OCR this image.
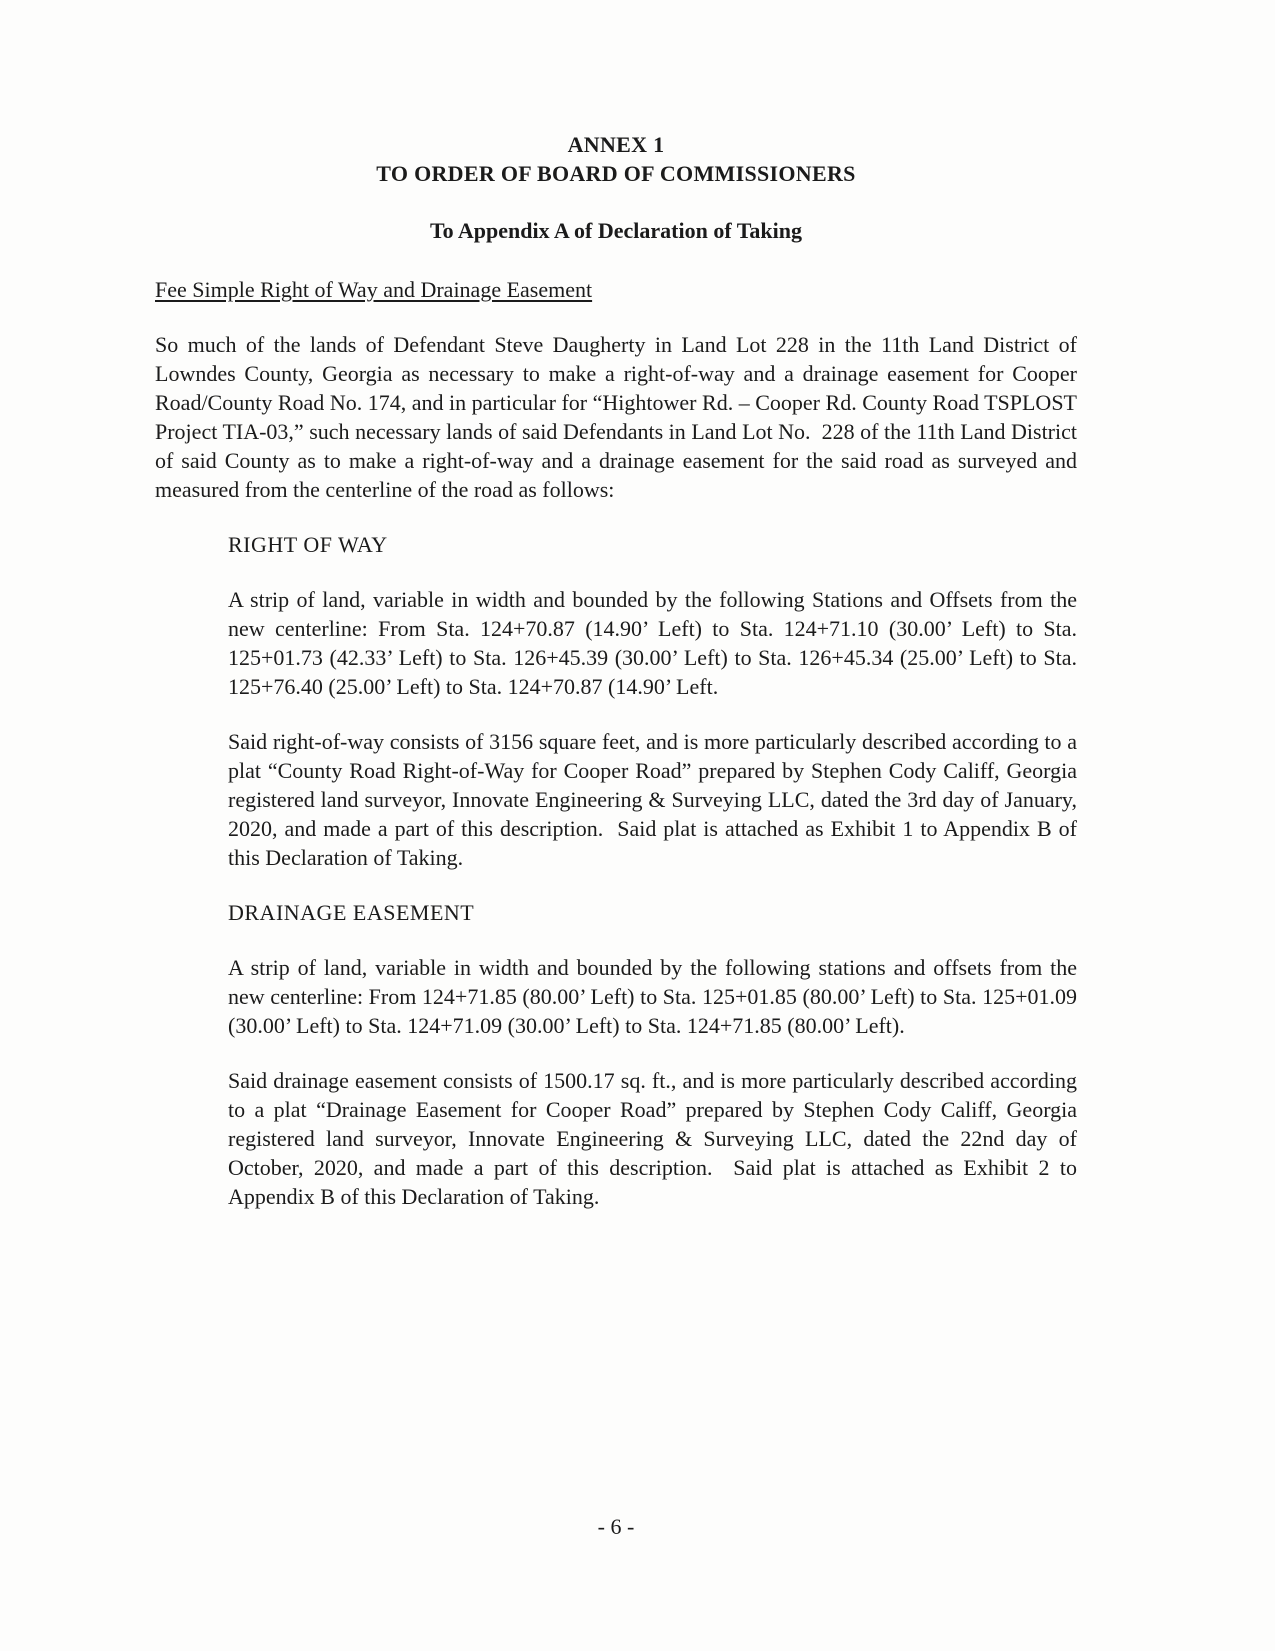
ANNEX 1
TO ORDER OF BOARD OF COMMISSIONERS
To Appendix A of Declaration of Taking
Fee Simple Right of Way and Drainage Easement

So much of the lands of Defendant Steve Daugherty in Land Lot 228 in the 11th Land District of Lowndes County, Georgia as necessary to make a right-of-way and a drainage easement for Cooper Road/County Road No. 174, and in particular for “Hightower Rd. – Cooper Rd. County Road TSPLOST Project TIA-03,” such necessary lands of said Defendants in Land Lot No.  228 of the 11th Land District of said County as to make a right-of-way and a drainage easement for the said road as surveyed and measured from the centerline of the road as follows:

RIGHT OF WAY

A strip of land, variable in width and bounded by the following Stations and Offsets from the new centerline: From Sta. 124+70.87 (14.90’ Left) to Sta. 124+71.10 (30.00’ Left) to Sta. 125+01.73 (42.33’ Left) to Sta. 126+45.39 (30.00’ Left) to Sta. 126+45.34 (25.00’ Left) to Sta. 125+76.40 (25.00’ Left) to Sta. 124+70.87 (14.90’ Left.

Said right-of-way consists of 3156 square feet, and is more particularly described according to a plat “County Road Right-of-Way for Cooper Road” prepared by Stephen Cody Califf, Georgia registered land surveyor, Innovate Engineering & Surveying LLC, dated the 3rd day of January, 2020, and made a part of this description.  Said plat is attached as Exhibit 1 to Appendix B of this Declaration of Taking.

DRAINAGE EASEMENT

A strip of land, variable in width and bounded by the following stations and offsets from the new centerline: From 124+71.85 (80.00’ Left) to Sta. 125+01.85 (80.00’ Left) to Sta. 125+01.09 (30.00’ Left) to Sta. 124+71.09 (30.00’ Left) to Sta. 124+71.85 (80.00’ Left).

Said drainage easement consists of 1500.17 sq. ft., and is more particularly described according to a plat “Drainage Easement for Cooper Road” prepared by Stephen Cody Califf, Georgia registered land surveyor, Innovate Engineering & Surveying LLC, dated the 22nd day of October, 2020, and made a part of this description.  Said plat is attached as Exhibit 2 to Appendix B of this Declaration of Taking.

- 6 -
